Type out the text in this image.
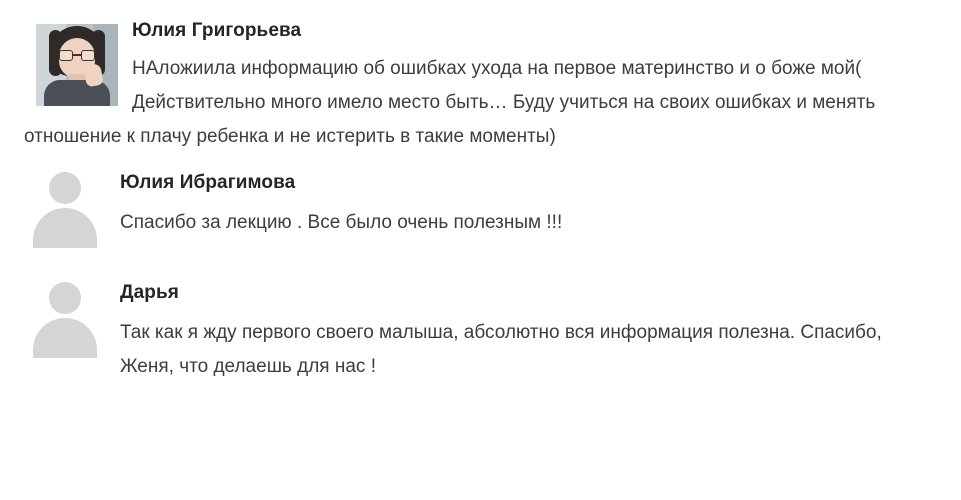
Юлия Григорьева
НАложиила информацию об ошибках ухода на первое материнство и о боже мой( Действительно много имело место быть… Буду учиться на своих ошибках и менять отношение к плачу ребенка и не истерить в такие моменты)
Юлия Ибрагимова
Спасибо за лекцию . Все было очень полезным !!!
Дарья
Так как я жду первого своего малыша, абсолютно вся информация полезна. Спасибо, Женя, что делаешь для нас !
